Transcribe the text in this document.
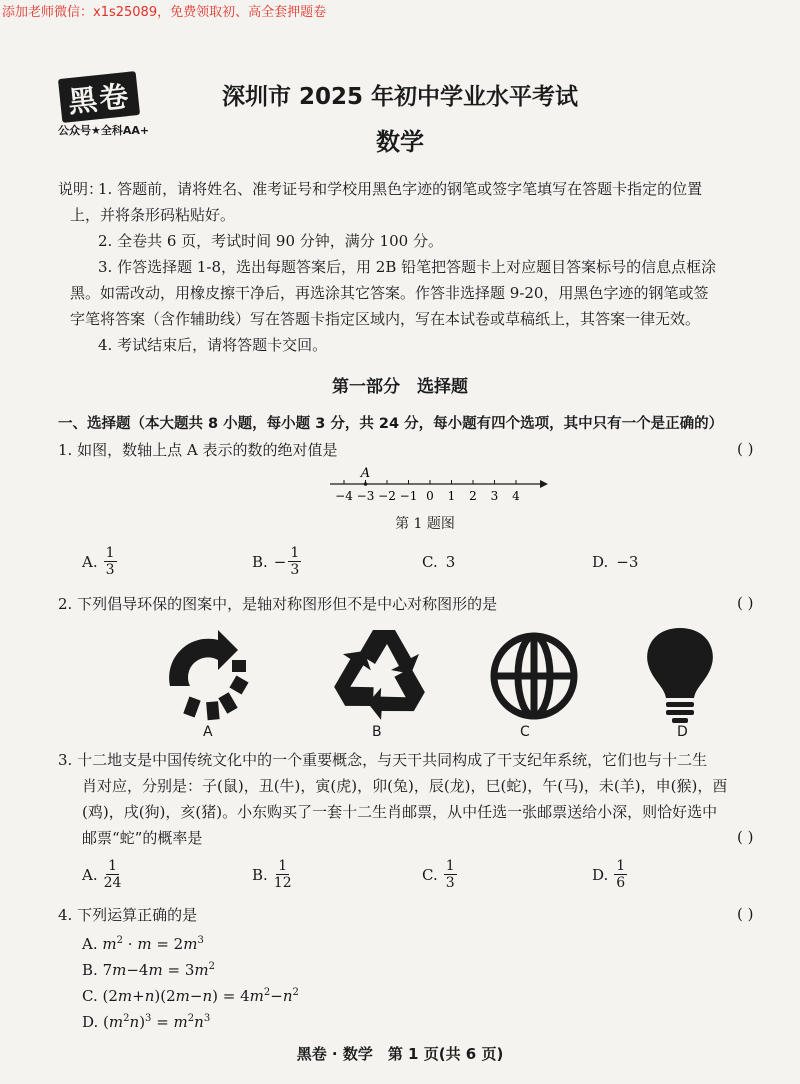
添加老师微信：x1s25089，免费领取初、高全套押题卷
黑卷
公众号★全科AA+
深圳市 2025 年初中学业水平考试
数学
说明：
1. 答题前，请将姓名、准考证号和学校用黑色字迹的钢笔或签字笔填写在答题卡指定的位置
上，并将条形码粘贴好。
2. 全卷共 6 页，考试时间 90 分钟，满分 100 分。
3. 作答选择题 1-8，选出每题答案后，用 2B 铅笔把答题卡上对应题目答案标号的信息点框涂
黑。如需改动，用橡皮擦干净后，再选涂其它答案。作答非选择题 9-20，用黑色字迹的钢笔或签
字笔将答案（含作辅助线）写在答题卡指定区域内，写在本试卷或草稿纸上，其答案一律无效。
4. 考试结束后，请将答题卡交回。
第一部分　选择题
一、选择题（本大题共 8 小题，每小题 3 分，共 24 分，每小题有四个选项，其中只有一个是正确的）
1. 如图，数轴上点 A 表示的数的绝对值是	( )
−4 −3 −2 −1 0 1 2 3 4
A
第 1 题图
A. $\frac{1}{3}$	B. − $\frac{1}{3}$	C. 3	D. −3
2. 下列倡导环保的图案中，是轴对称图形但不是中心对称图形的是	( )
A	B	C	D
3. 十二地支是中国传统文化中的一个重要概念，与天干共同构成了干支纪年系统，它们也与十二生
肖对应，分别是：子(鼠)，丑(牛)，寅(虎)，卯(兔)，辰(龙)，巳(蛇)，午(马)，未(羊)，申(猴)，酉
(鸡)，戌(狗)，亥(猪)。小东购买了一套十二生肖邮票，从中任选一张邮票送给小深，则恰好选中
邮票“蛇”的概率是	( )
A. $\frac{1}{24}$	B. $\frac{1}{12}$	C. $\frac{1}{3}$	D. $\frac{1}{6}$
4. 下列运算正确的是	( )
A. $m^2 \cdot m = 2m^3$
B. $7m-4m = 3m^2$
C. $(2m+n)(2m-n) = 4m^2-n^2$
D. $(m^2n)^3 = m^2n^3$
黑卷 · 数学　第 1 页(共 6 页)
